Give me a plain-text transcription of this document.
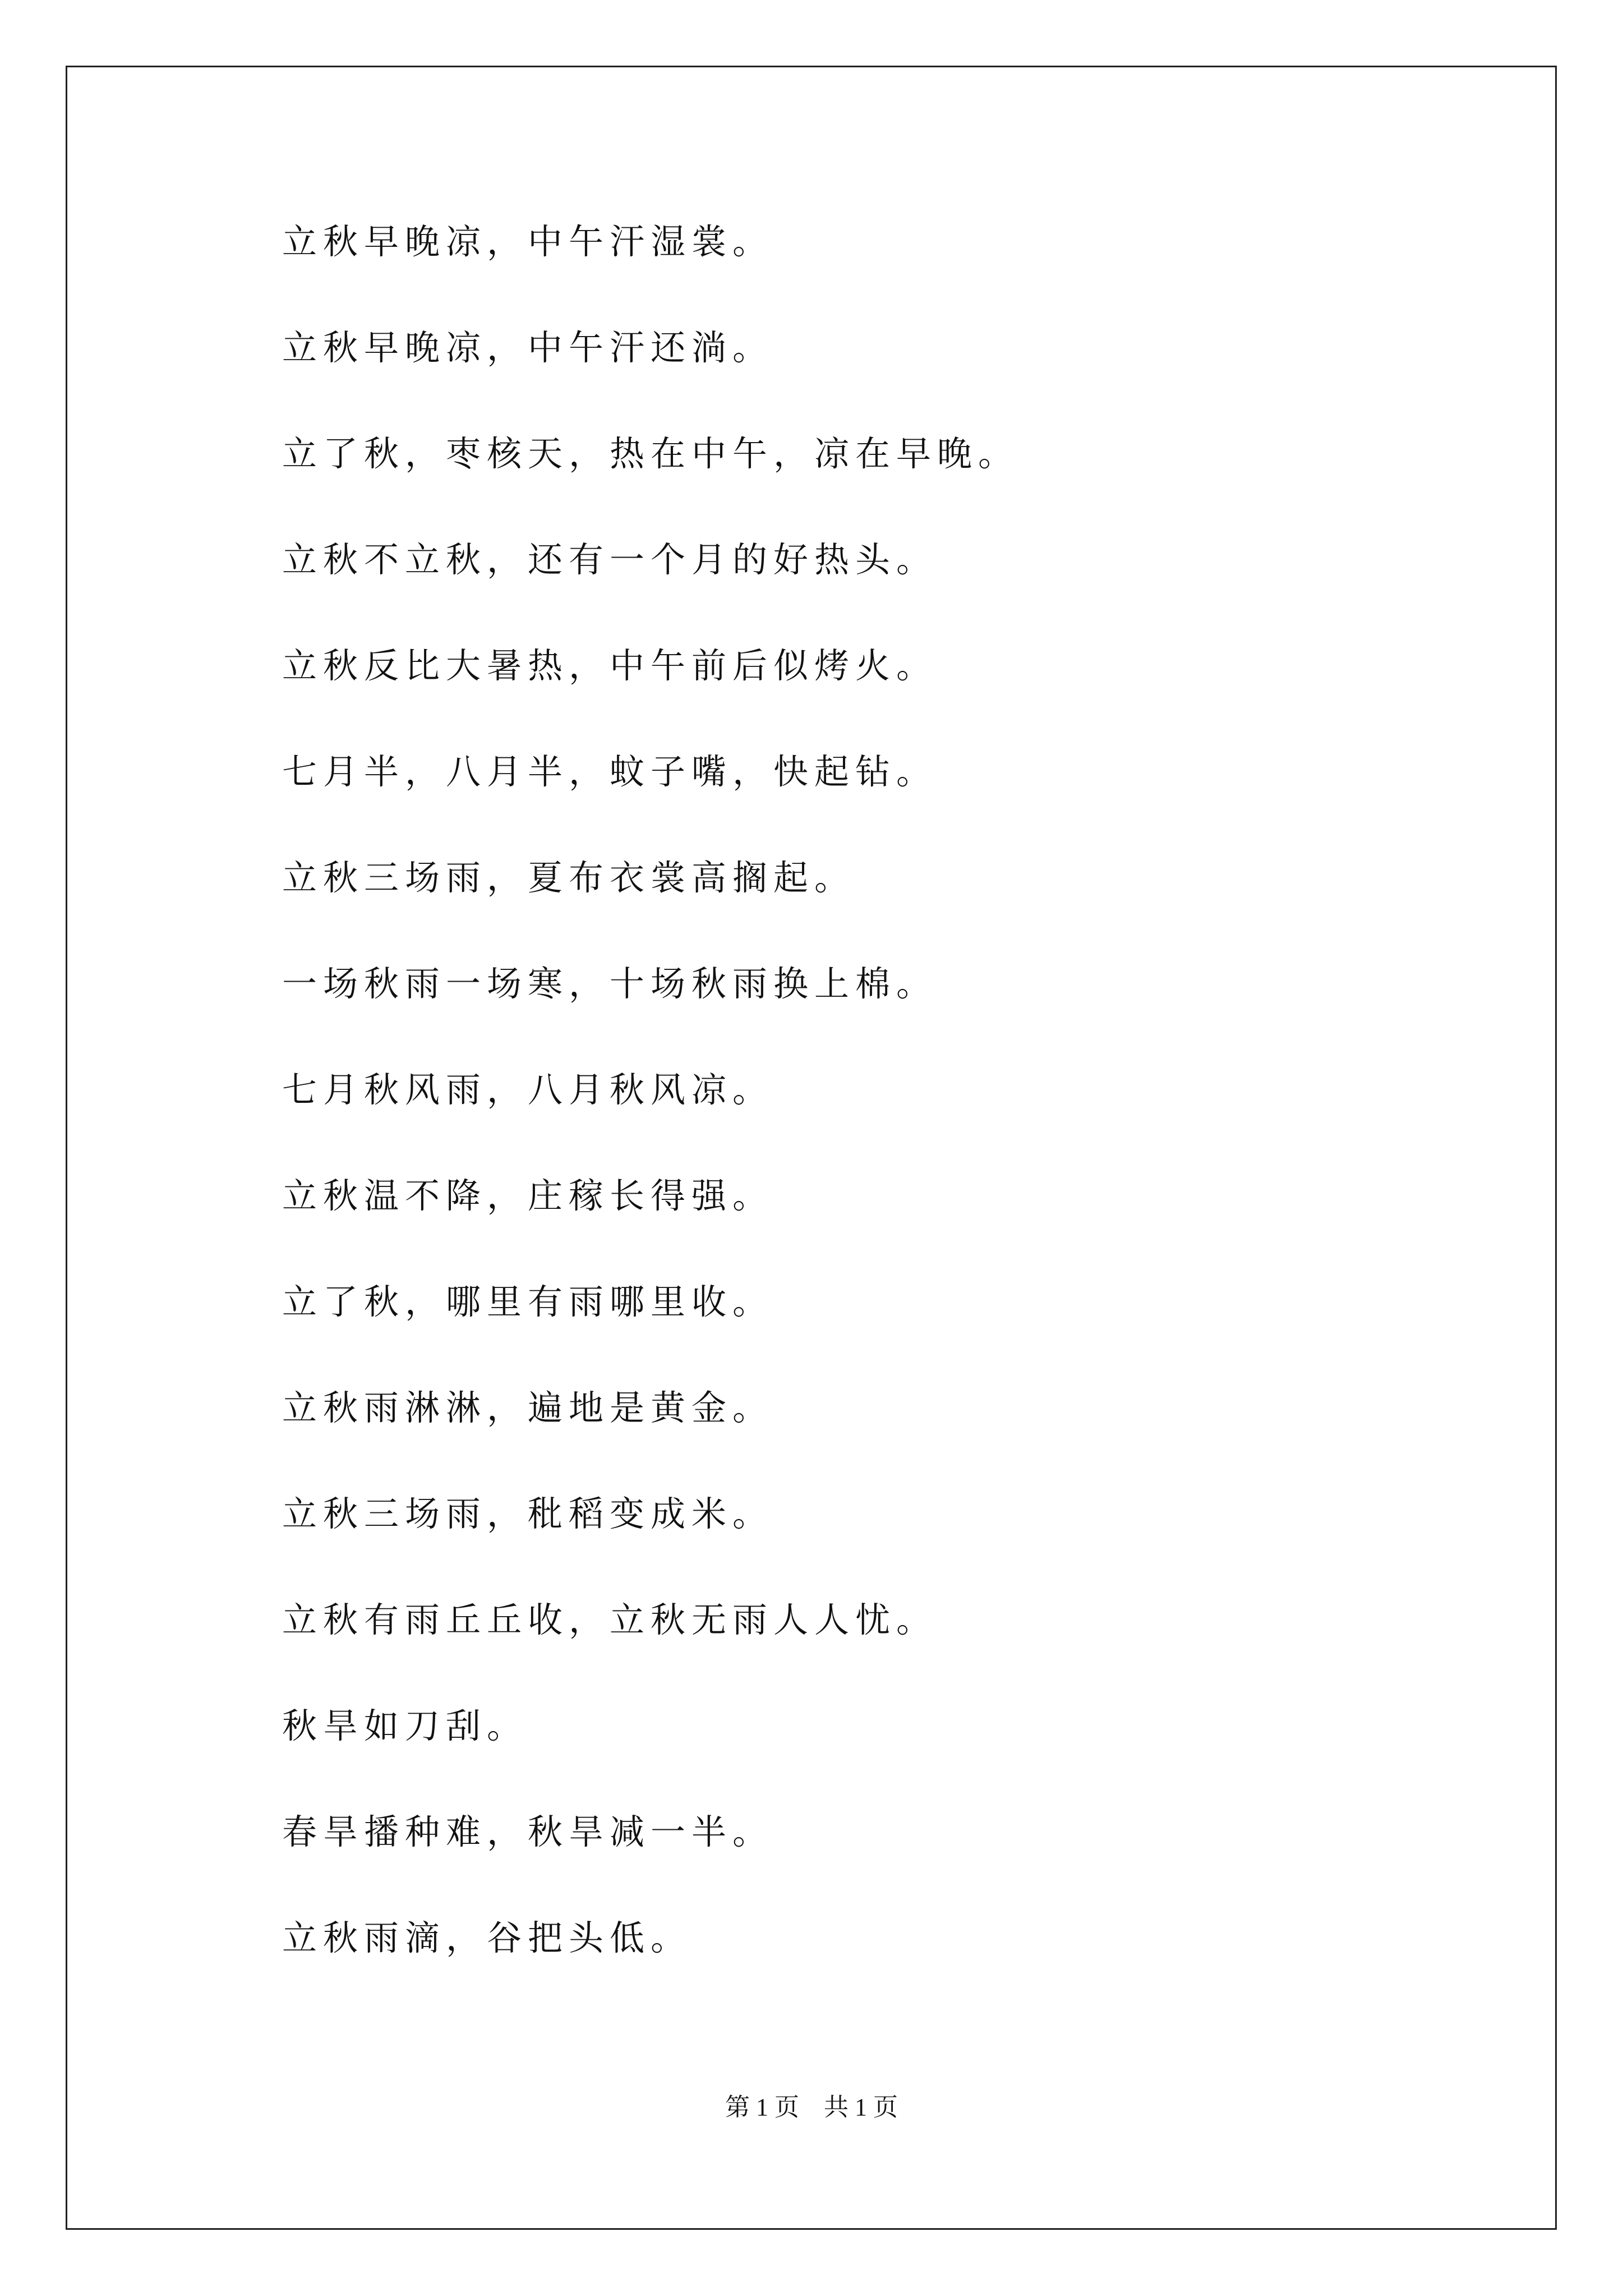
立秋早晚凉，中午汗湿裳。
立秋早晚凉，中午汗还淌。
立了秋，枣核天，热在中午，凉在早晚。
立秋不立秋，还有一个月的好热头。
立秋反比大暑热，中午前后似烤火。
七月半，八月半，蚊子嘴，快起钻。
立秋三场雨，夏布衣裳高搁起。
一场秋雨一场寒，十场秋雨换上棉。
七月秋风雨，八月秋风凉。
立秋温不降，庄稼长得强。
立了秋，哪里有雨哪里收。
立秋雨淋淋，遍地是黄金。
立秋三场雨，秕稻变成米。
立秋有雨丘丘收，立秋无雨人人忧。
秋旱如刀刮。
春旱播种难，秋旱减一半。
立秋雨滴，谷把头低。
第 1 页    共 1 页
